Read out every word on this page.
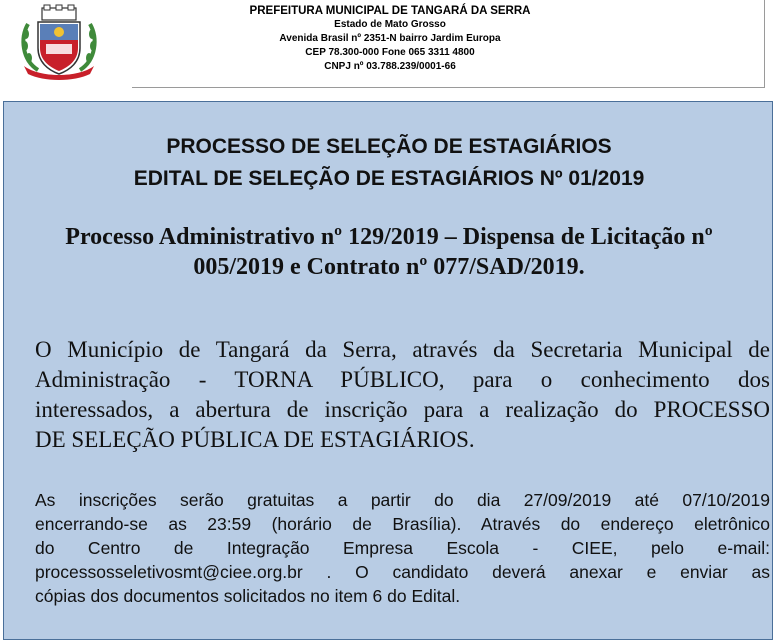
PREFEITURA MUNICIPAL DE TANGARÁ DA SERRA
Estado de Mato Grosso
Avenida Brasil nº 2351-N bairro Jardim Europa
CEP 78.300-000 Fone 065 3311 4800
CNPJ nº 03.788.239/0001-66
PROCESSO DE SELEÇÃO DE ESTAGIÁRIOS
EDITAL DE SELEÇÃO DE ESTAGIÁRIOS Nº 01/2019
Processo Administrativo nº 129/2019 – Dispensa de Licitação nº
005/2019 e Contrato nº 077/SAD/2019.
O Município de Tangará da Serra, através da Secretaria Municipal de
Administração - TORNA PÚBLICO, para o conhecimento dos
interessados, a abertura de inscrição para a realização do PROCESSO
DE SELEÇÃO PÚBLICA DE ESTAGIÁRIOS.
As inscrições serão gratuitas a partir do dia 27/09/2019 até 07/10/2019
encerrando-se as 23:59 (horário de Brasília). Através do endereço eletrônico
do Centro de Integração Empresa Escola - CIEE, pelo e-mail:
processosseletivosmt@ciee.org.br . O candidato deverá anexar e enviar as
cópias dos documentos solicitados no item 6 do Edital.
